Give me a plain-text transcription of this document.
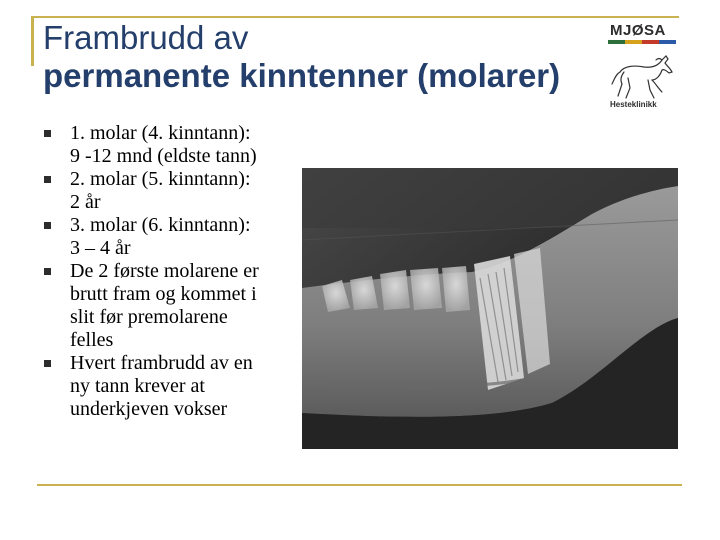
Frambrudd av
permanente kinntenner (molarer)
MJØSA
Hesteklinikk
1. molar (4. kinntann):
9 -12 mnd (eldste tann)
2. molar (5. kinntann):
2 år
3. molar (6. kinntann):
3 – 4 år
De 2 første molarene er
brutt fram og kommet i
slit før premolarene
felles
Hvert frambrudd av en
ny tann krever at
underkjeven vokser
